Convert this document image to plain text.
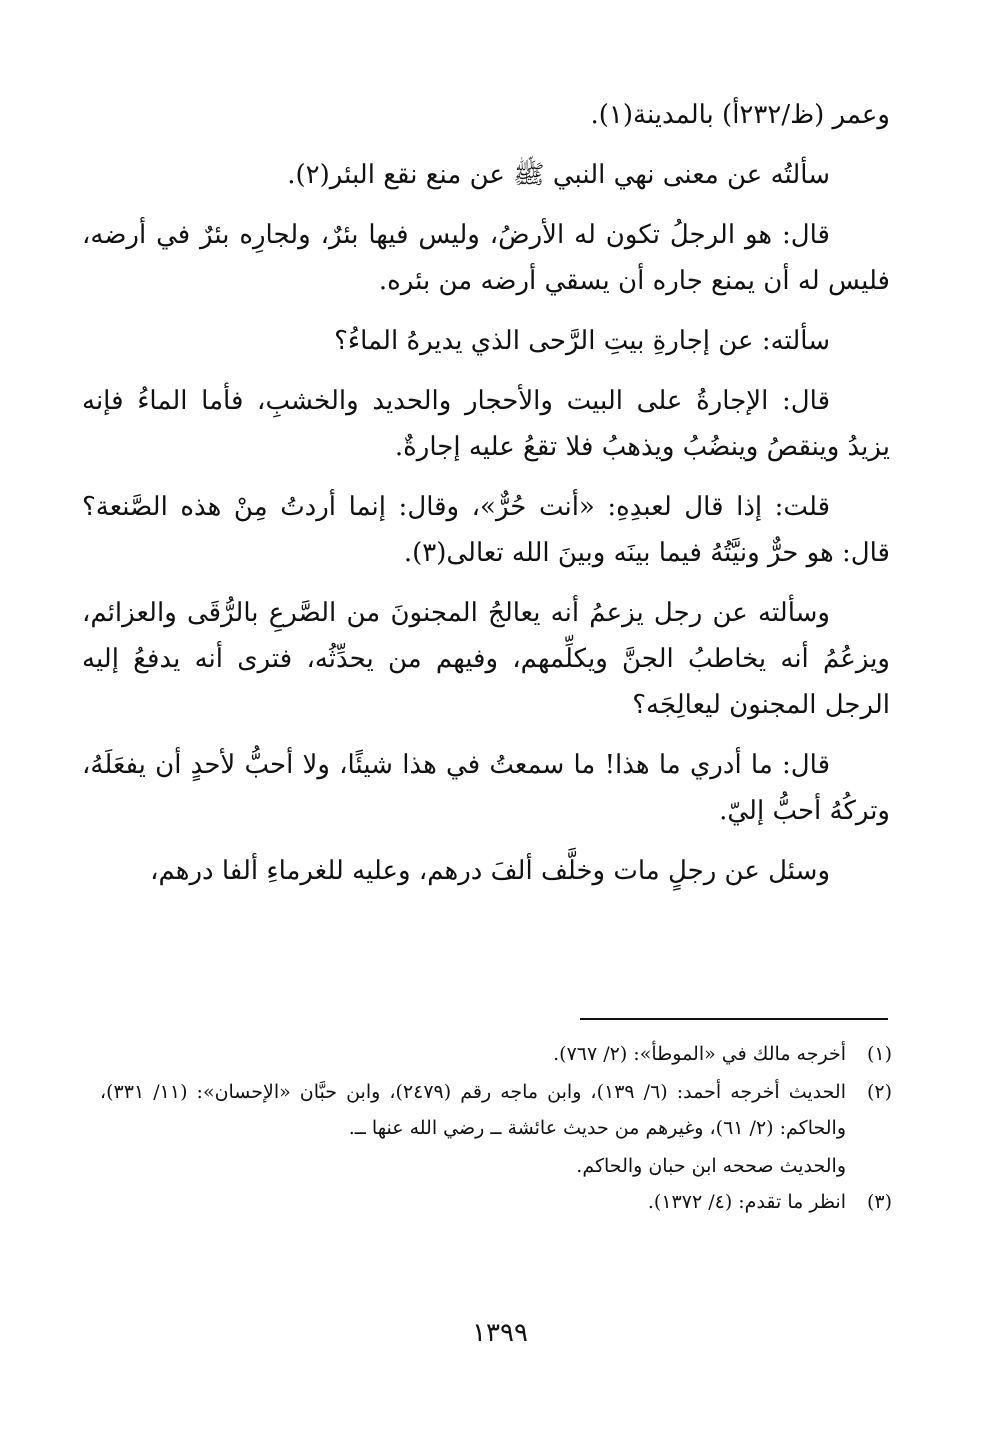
وعمر (ظ/٢٣٢أ) بالمدينة(١).

سألتُه عن معنى نهي النبي ﷺ عن منع نقع البئر(٢).

قال: هو الرجلُ تكون له الأرضُ، وليس فيها بئرٌ، ولجارِه بئرٌ في أرضه، فليس له أن يمنع جاره أن يسقي أرضه من بئره.

سألته: عن إجارةِ بيتِ الرَّحى الذي يديرهُ الماءُ؟

قال: الإجارةُ على البيت والأحجار والحديد والخشبِ، فأما الماءُ فإنه يزيدُ وينقصُ وينضُبُ ويذهبُ فلا تقعُ عليه إجارةٌ.

قلت: إذا قال لعبدِهِ: «أنت حُرٌّ»، وقال: إنما أردتُ مِنْ هذه الصَّنعة؟ قال: هو حرٌّ ونيَّتُهُ فيما بينَه وبينَ الله تعالى(٣).

وسألته عن رجل يزعمُ أنه يعالجُ المجنونَ من الصَّرعِ بالرُّقَى والعزائم، ويزعُمُ أنه يخاطبُ الجنَّ ويكلِّمهم، وفيهم من يحدِّثُه، فترى أنه يدفعُ إليه الرجل المجنون ليعالِجَه؟

قال: ما أدري ما هذا! ما سمعتُ في هذا شيئًا، ولا أحبُّ لأحدٍ أن يفعَلَهُ، وتركُهُ أحبُّ إليّ.

وسئل عن رجلٍ مات وخلَّف ألفَ درهم، وعليه للغرماءِ ألفا درهم،

(١)
أخرجه مالك في «الموطأ»: (٢/ ٧٦٧).
(٢)
الحديث أخرجه أحمد: (٦/ ١٣٩)، وابن ماجه رقم (٢٤٧٩)، وابن حبَّان «الإحسان»: (١١/ ٣٣١)، والحاكم: (٢/ ٦١)، وغيرهم من حديث عائشة ــ رضي الله عنها ــ.
والحديث صححه ابن حبان والحاكم.
(٣)
انظر ما تقدم: (٤/ ١٣٧٢).
١٣٩٩
